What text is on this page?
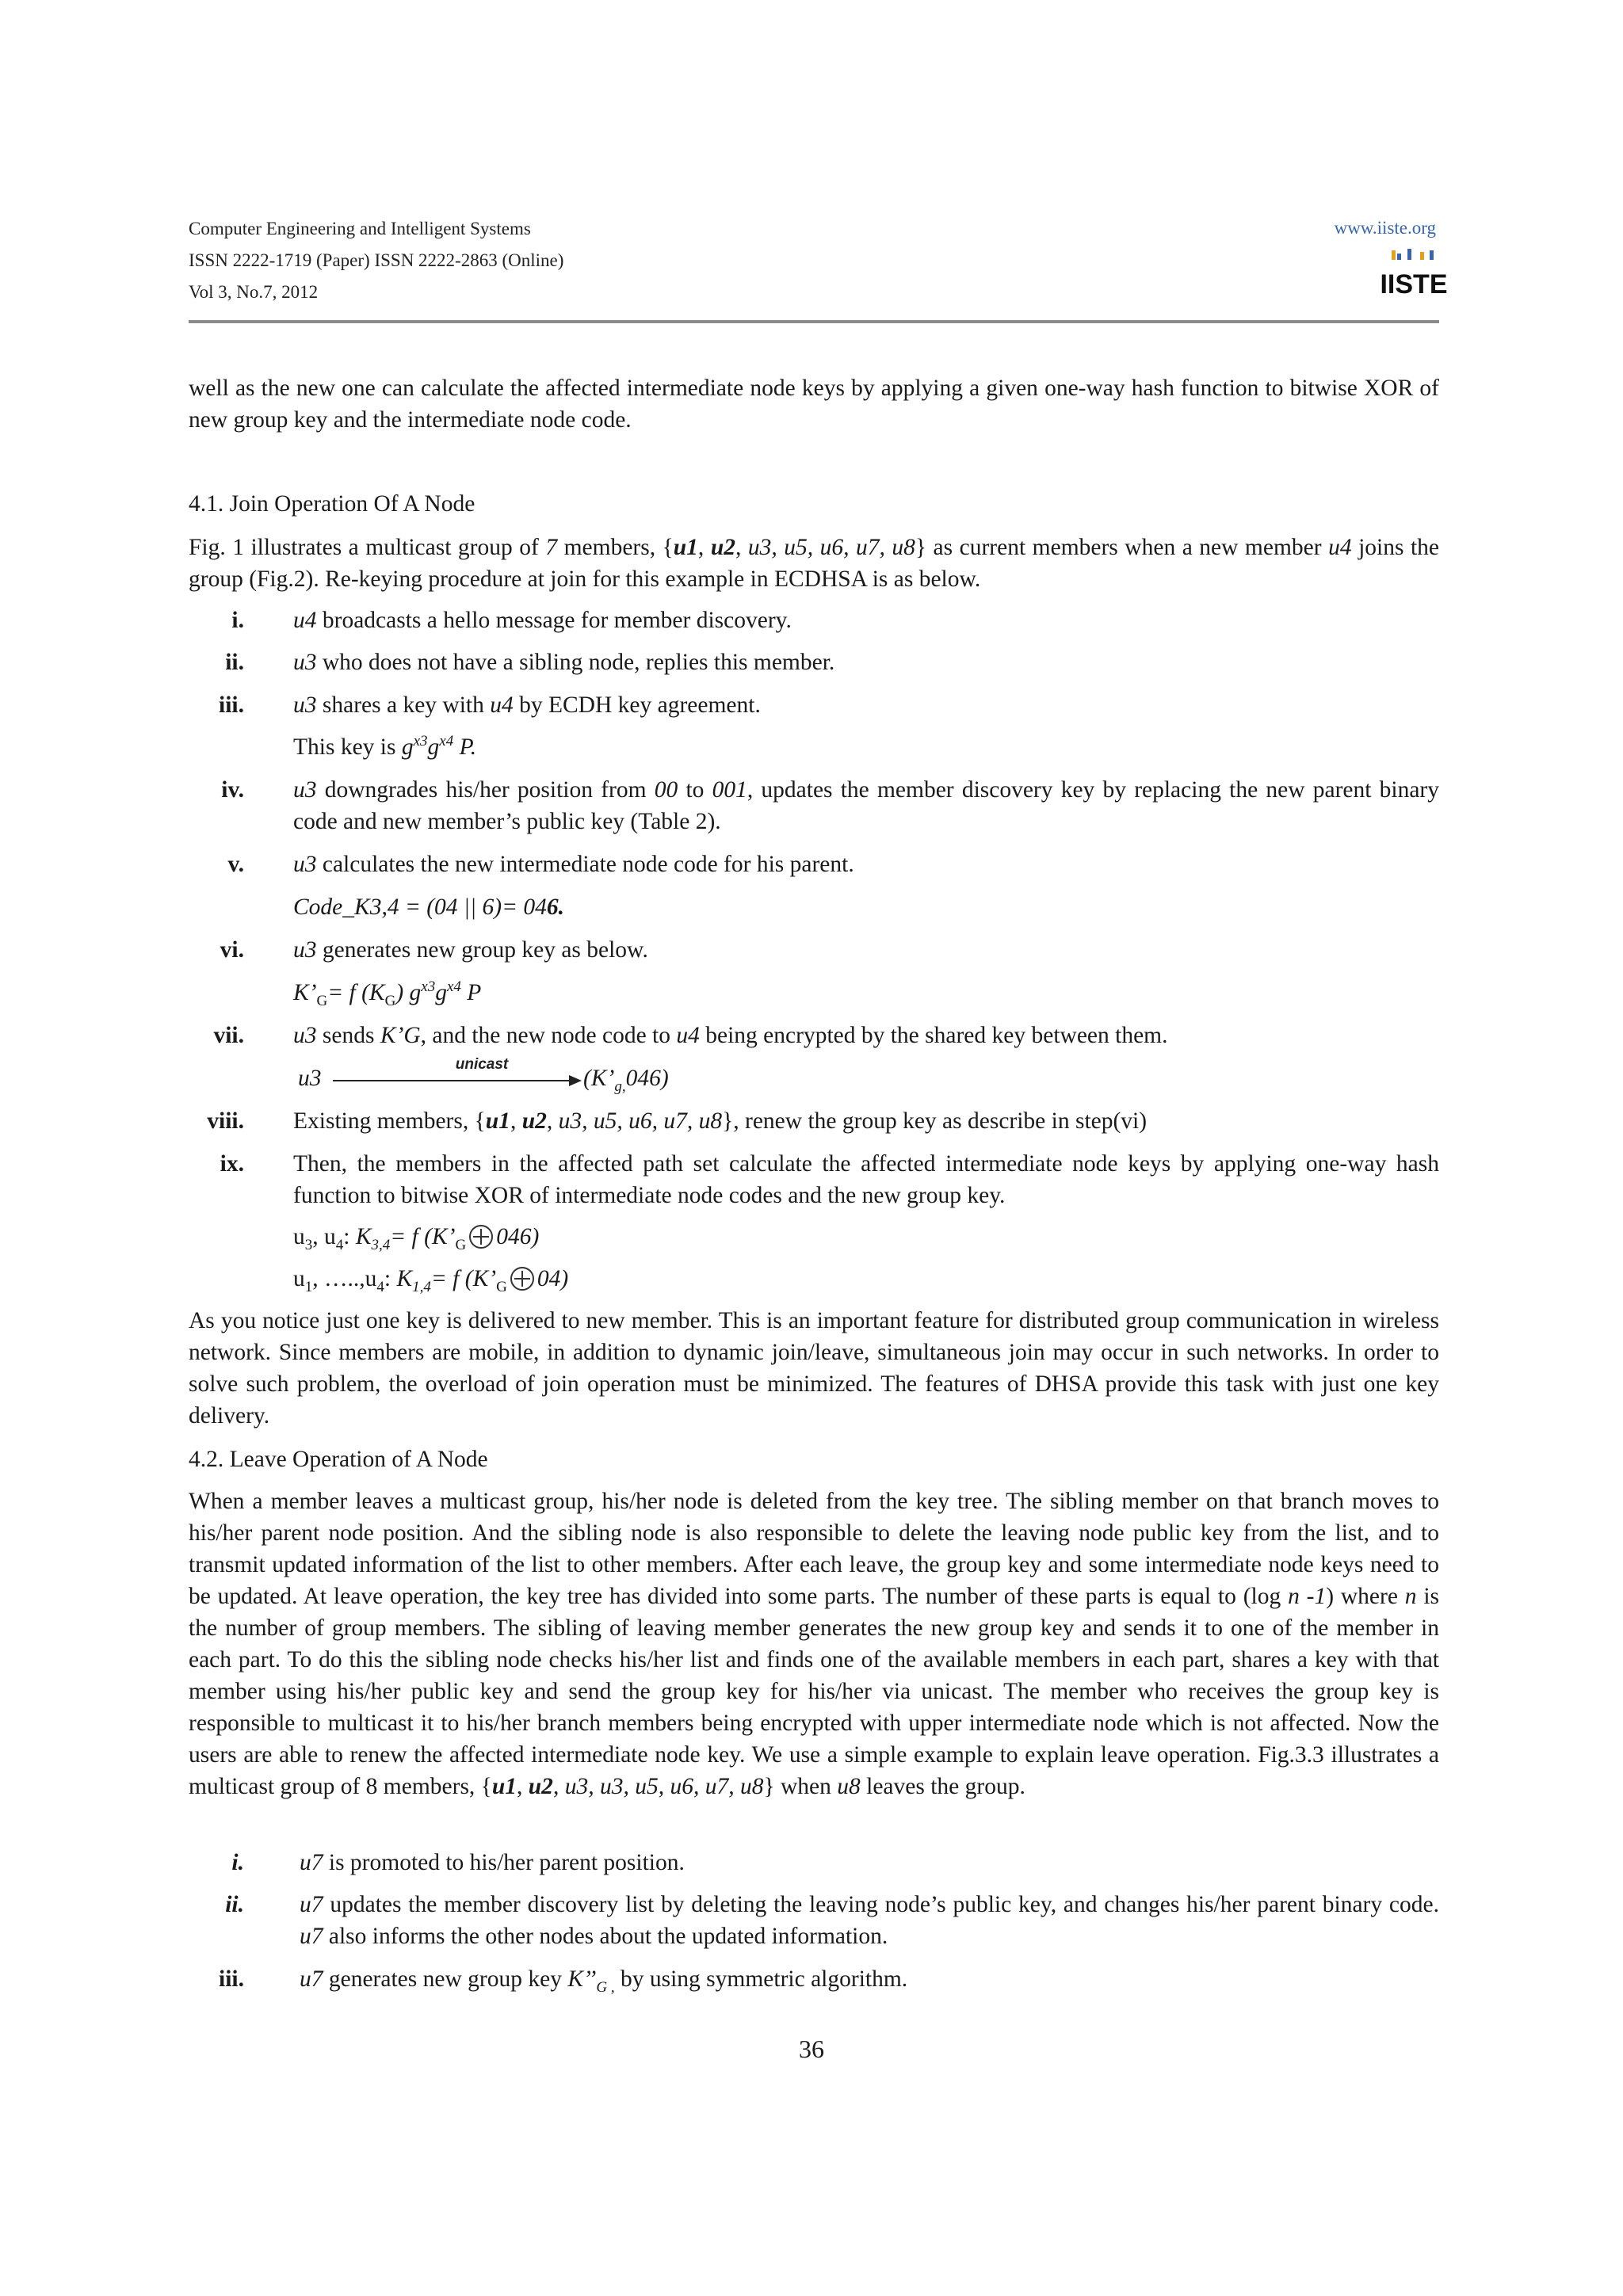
Computer Engineering and Intelligent Systems
ISSN 2222-1719 (Paper) ISSN 2222-2863 (Online)
Vol 3, No.7, 2012
www.iiste.org
IISTE
well as the new one can calculate the affected intermediate node keys by applying a given one-way hash function to bitwise XOR of new group key and the intermediate node code.
4.1. Join Operation Of A Node
Fig. 1 illustrates a multicast group of 7 members, {u1, u2, u3, u5, u6, u7, u8} as current members when a new member u4 joins the group (Fig.2). Re-keying procedure at join for this example in ECDHSA is as below.
i. u4 broadcasts a hello message for member discovery.
ii. u3 who does not have a sibling node, replies this member.
iii. u3 shares a key with u4 by ECDH key agreement.
This key is $g^{x3}g^{x4}$ P.
iv. u3 downgrades his/her position from 00 to 001, updates the member discovery key by replacing the new parent binary code and new member’s public key (Table 2).
v. u3 calculates the new intermediate node code for his parent.
Code_K3,4 = (04 || 6)= 046.
vi. u3 generates new group key as below.
$K’_G= f$ $(K_G)$ $g^{x3}g^{x4}$ P
vii. u3 sends K’G, and the new node code to u4 being encrypted by the shared key between them.
u3
unicast
$(K’_{g,}046)$
viii. Existing members, {u1, u2, u3, u5, u6, u7, u8}, renew the group key as describe in step(vi)
ix. Then, the members in the affected path set calculate the affected intermediate node keys by applying one-way hash function to bitwise XOR of intermediate node codes and the new group key.
$u_3$, $u_4$: $K_{3,4}= f$ ($K’_G$ 046)
$u_1$, $\dots..,u_4$: $K_{1,4}= f$ ($K’_G$ 04)
As you notice just one key is delivered to new member. This is an important feature for distributed group communication in wireless network. Since members are mobile, in addition to dynamic join/leave, simultaneous join may occur in such networks. In order to solve such problem, the overload of join operation must be minimized. The features of DHSA provide this task with just one key delivery.
4.2. Leave Operation of A Node
When a member leaves a multicast group, his/her node is deleted from the key tree. The sibling member on that branch moves to his/her parent node position. And the sibling node is also responsible to delete the leaving node public key from the list, and to transmit updated information of the list to other members. After each leave, the group key and some intermediate node keys need to be updated. At leave operation, the key tree has divided into some parts. The number of these parts is equal to (log n -1) where n is the number of group members. The sibling of leaving member generates the new group key and sends it to one of the member in each part. To do this the sibling node checks his/her list and finds one of the available members in each part, shares a key with that member using his/her public key and send the group key for his/her via unicast. The member who receives the group key is responsible to multicast it to his/her branch members being encrypted with upper intermediate node which is not affected. Now the users are able to renew the affected intermediate node key. We use a simple example to explain leave operation. Fig.3.3 illustrates a multicast group of 8 members, {u1, u2, u3, u3, u5, u6, u7, u8} when u8 leaves the group.
i. u7 is promoted to his/her parent position.
ii. u7 updates the member discovery list by deleting the leaving node’s public key, and changes his/her parent binary code. u7 also informs the other nodes about the updated information.
iii. u7 generates new group key $K’’_{G ,}$ by using symmetric algorithm.
36
